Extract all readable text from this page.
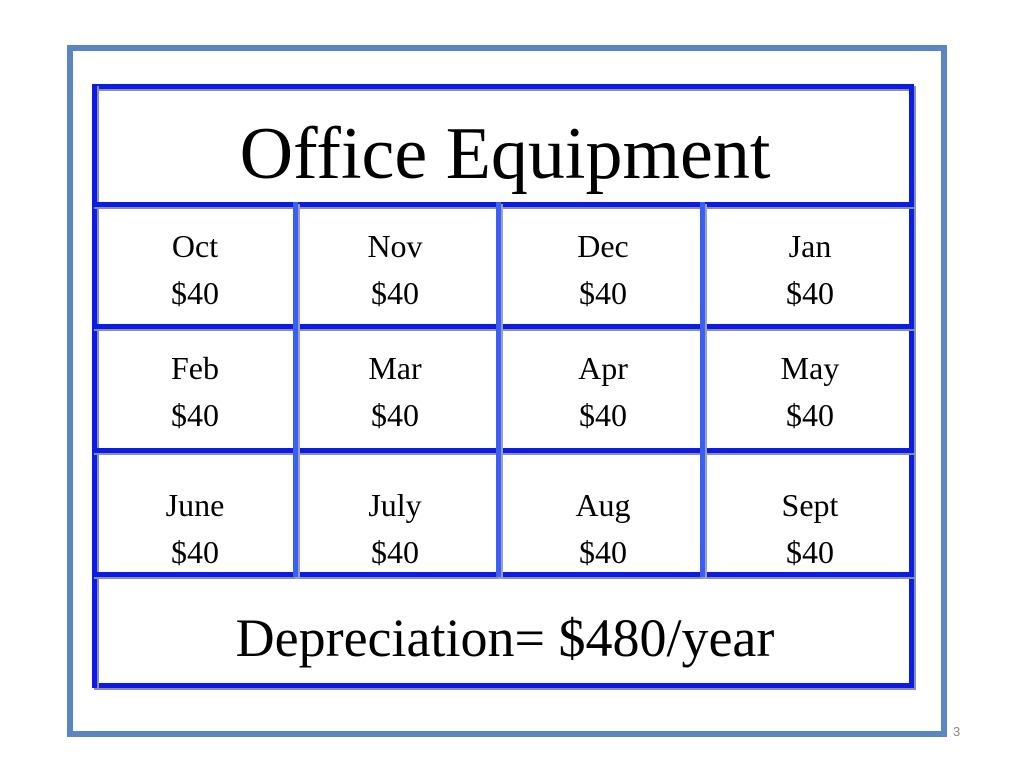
Office Equipment
Oct
$40
Nov
$40
Dec
$40
Jan
$40
Feb
$40
Mar
$40
Apr
$40
May
$40
June
$40
July
$40
Aug
$40
Sept
$40
Depreciation= $480/year
3
